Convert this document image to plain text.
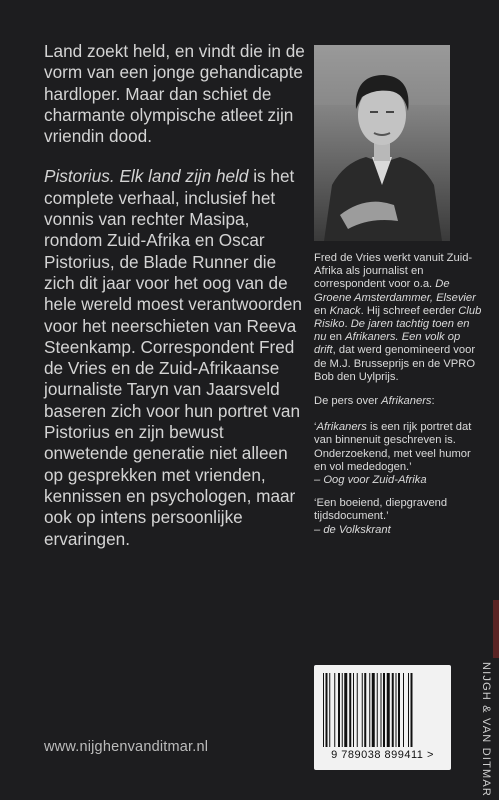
Land zoekt held, en vindt die in de vorm van een jonge gehandicapte hardloper. Maar dan schiet de charmante olympische atleet zijn vriendin dood.

Pistorius. Elk land zijn held is het complete verhaal, inclusief het vonnis van rechter Masipa, rondom Zuid-Afrika en Oscar Pistorius, de Blade Runner die zich dit jaar voor het oog van de hele wereld moest verantwoorden voor het neerschieten van Reeva Steenkamp. Correspondent Fred de Vries en de Zuid-Afrikaanse journaliste Taryn van Jaarsveld baseren zich voor hun portret van Pistorius en zijn bewust onwetende generatie niet alleen op gesprekken met vrienden, kennissen en psychologen, maar ook op intens persoonlijke ervaringen.

Fred de Vries werkt vanuit Zuid-Afrika als journalist en correspondent voor o.a. De Groene Amsterdammer, Elsevier en Knack. Hij schreef eerder Club Risiko. De jaren tachtig toen en nu en Afrikaners. Een volk op drift, dat werd genomineerd voor de M.J. Brusseprijs en de VPRO Bob den Uylprijs.

De pers over Afrikaners:

‘Afrikaners is een rijk portret dat van binnenuit geschreven is. Onderzoekend, met veel humor en vol mededogen.’

– Oog voor Zuid-Afrika

‘Een boeiend, diepgravend tijdsdocument.’

– de Volkskrant

9 789038 899411 >	NIJGH & VAN DITMAR
www.nijghenvanditmar.nl
